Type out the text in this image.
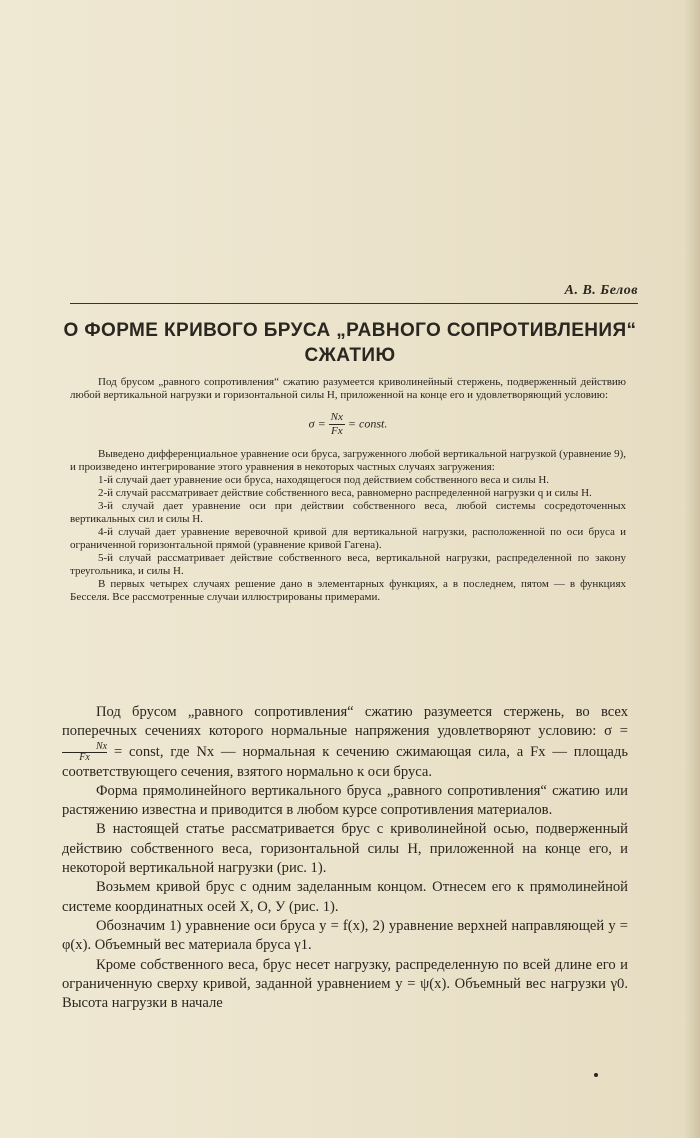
А. В. Белов
О ФОРМЕ КРИВОГО БРУСА „РАВНОГО СОПРОТИВЛЕНИЯ“ СЖАТИЮ

Под брусом „равного сопротивления“ сжатию разумеется криволинейный стержень, подверженный действию любой вертикальной нагрузки и горизонтальной силы H, приложенной на конце его и удовлетворяющий условию:

$\sigma = \frac{Nx}{Fx}$ = const.

Выведено дифференциальное уравнение оси бруса, загруженного любой вертикальной нагрузкой (уравнение 9), и произведено интегрирование этого уравнения в некоторых частных случаях загружения:

1-й случай дает уравнение оси бруса, находящегося под действием собственного веса и силы H.

2-й случай рассматривает действие собственного веса, равномерно распределенной нагрузки q и силы H.

3-й случай дает уравнение оси при действии собственного веса, любой системы сосредоточенных вертикальных сил и силы H.

4-й случай дает уравнение веревочной кривой для вертикальной нагрузки, расположенной по оси бруса и ограниченной горизонтальной прямой (уравнение кривой Гагена).

5-й случай рассматривает действие собственного веса, вертикальной нагрузки, распределенной по закону треугольника, и силы H.

В первых четырех случаях решение дано в элементарных функциях, а в последнем, пятом — в функциях Бесселя. Все рассмотренные случаи иллюстрированы примерами.

Под брусом „равного сопротивления“ сжатию разумеется стержень, во всех поперечных сечениях которого нормальные напряжения удовлетворяют условию: σ =
$\frac{Nx}{Fx}$ = const, где Nx — нормальная к сечению сжимающая сила, а Fx — площадь соответствующего сечения, взятого нормально к оси бруса.

Форма прямолинейного вертикального бруса „равного сопротивления“ сжатию или растяжению известна и приводится в любом курсе сопротивления материалов.

В настоящей статье рассматривается брус с криволинейной осью, подверженный действию собственного веса, горизонтальной силы H, приложенной на конце его, и некоторой вертикальной нагрузки (рис. 1).

Возьмем кривой брус с одним заделанным концом. Отнесем его к прямолинейной системе координатных осей X, O, У (рис. 1).

Обозначим 1) уравнение оси бруса y = f(x), 2) уравнение верхней направляющей y = φ(x). Объемный вес материала бруса γ1.

Кроме собственного веса, брус несет нагрузку, распределенную по всей длине его и ограниченную сверху кривой, заданной уравнением y = ψ(x). Объемный вес нагрузки γ0. Высота нагрузки в начале
